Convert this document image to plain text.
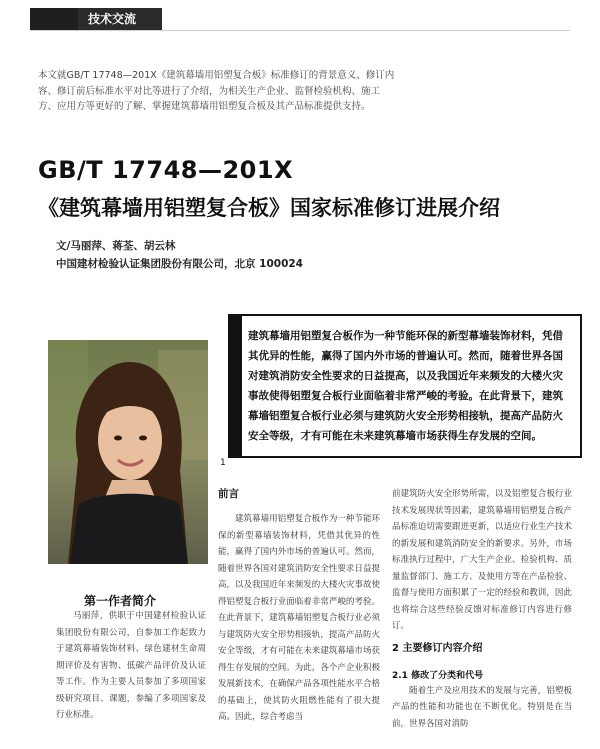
技术交流
本文就GB/T 17748—201X《建筑幕墙用铝塑复合板》标准修订的背景意义、修订内容、修订前后标准水平对比等进行了介绍，为相关生产企业、监督检验机构、施工方、应用方等更好的了解、掌握建筑幕墙用铝塑复合板及其产品标准提供支持。
GB/T 17748—201X
《建筑幕墙用铝塑复合板》国家标准修订进展介绍
文/马丽萍、蒋荃、胡云林
中国建材检验认证集团股份有限公司，北京 100024
建筑幕墙用铝塑复合板作为一种节能环保的新型幕墙装饰材料，凭借其优异的性能，赢得了国内外市场的普遍认可。然而，随着世界各国对建筑消防安全性要求的日益提高，以及我国近年来频发的大楼火灾事故使得铝塑复合板行业面临着非常严峻的考验。在此背景下，建筑幕墙铝塑复合板行业必须与建筑防火安全形势相接轨，提高产品防火安全等级，才有可能在未来建筑幕墙市场获得生存发展的空间。
第一作者简介
马丽萍，供职于中国建材检验认证集团股份有限公司，自参加工作起致力于建筑幕墙装饰材料、绿色建材生命周期评价及有害物、低碳产品评价及认证等工作。作为主要人员参加了多项国家级研究项目、课题，参编了多项国家及行业标准。
1
前言
建筑幕墙用铝塑复合板作为一种节能环保的新型幕墙装饰材料，凭借其优异的性能，赢得了国内外市场的普遍认可。然而，随着世界各国对建筑消防安全性要求日益提高，以及我国近年来频发的大楼火灾事故使得铝塑复合板行业面临着非常严峻的考验。在此背景下，建筑幕墙铝塑复合板行业必须与建筑防火安全形势相接轨，提高产品防火安全等级，才有可能在未来建筑幕墙市场获得生存发展的空间。为此，各个产企业积极发展新技术，在确保产品各项性能水平合格的基础上，使其防火阻燃性能有了很大提高。因此，综合考虑当
前建筑防火安全形势所需，以及铝塑复合板行业技术发展现状等因素，建筑幕墙用铝塑复合板产品标准迫切需要跟进更新，以适应行业生产技术的新发展和建筑消防安全的新要求。另外，市场标准执行过程中，广大生产企业、检验机构、质量监督部门、施工方、及使用方等在产品检验、监督与使用方面积累了一定的经验和教训，因此也将综合这些经验反馈对标准修订内容进行修订。
2 主要修订内容介绍
2.1 修改了分类和代号
随着生产及应用技术的发展与完善，铝塑板产品的性能和功能也在不断优化。特别是在当前，世界各国对消防
